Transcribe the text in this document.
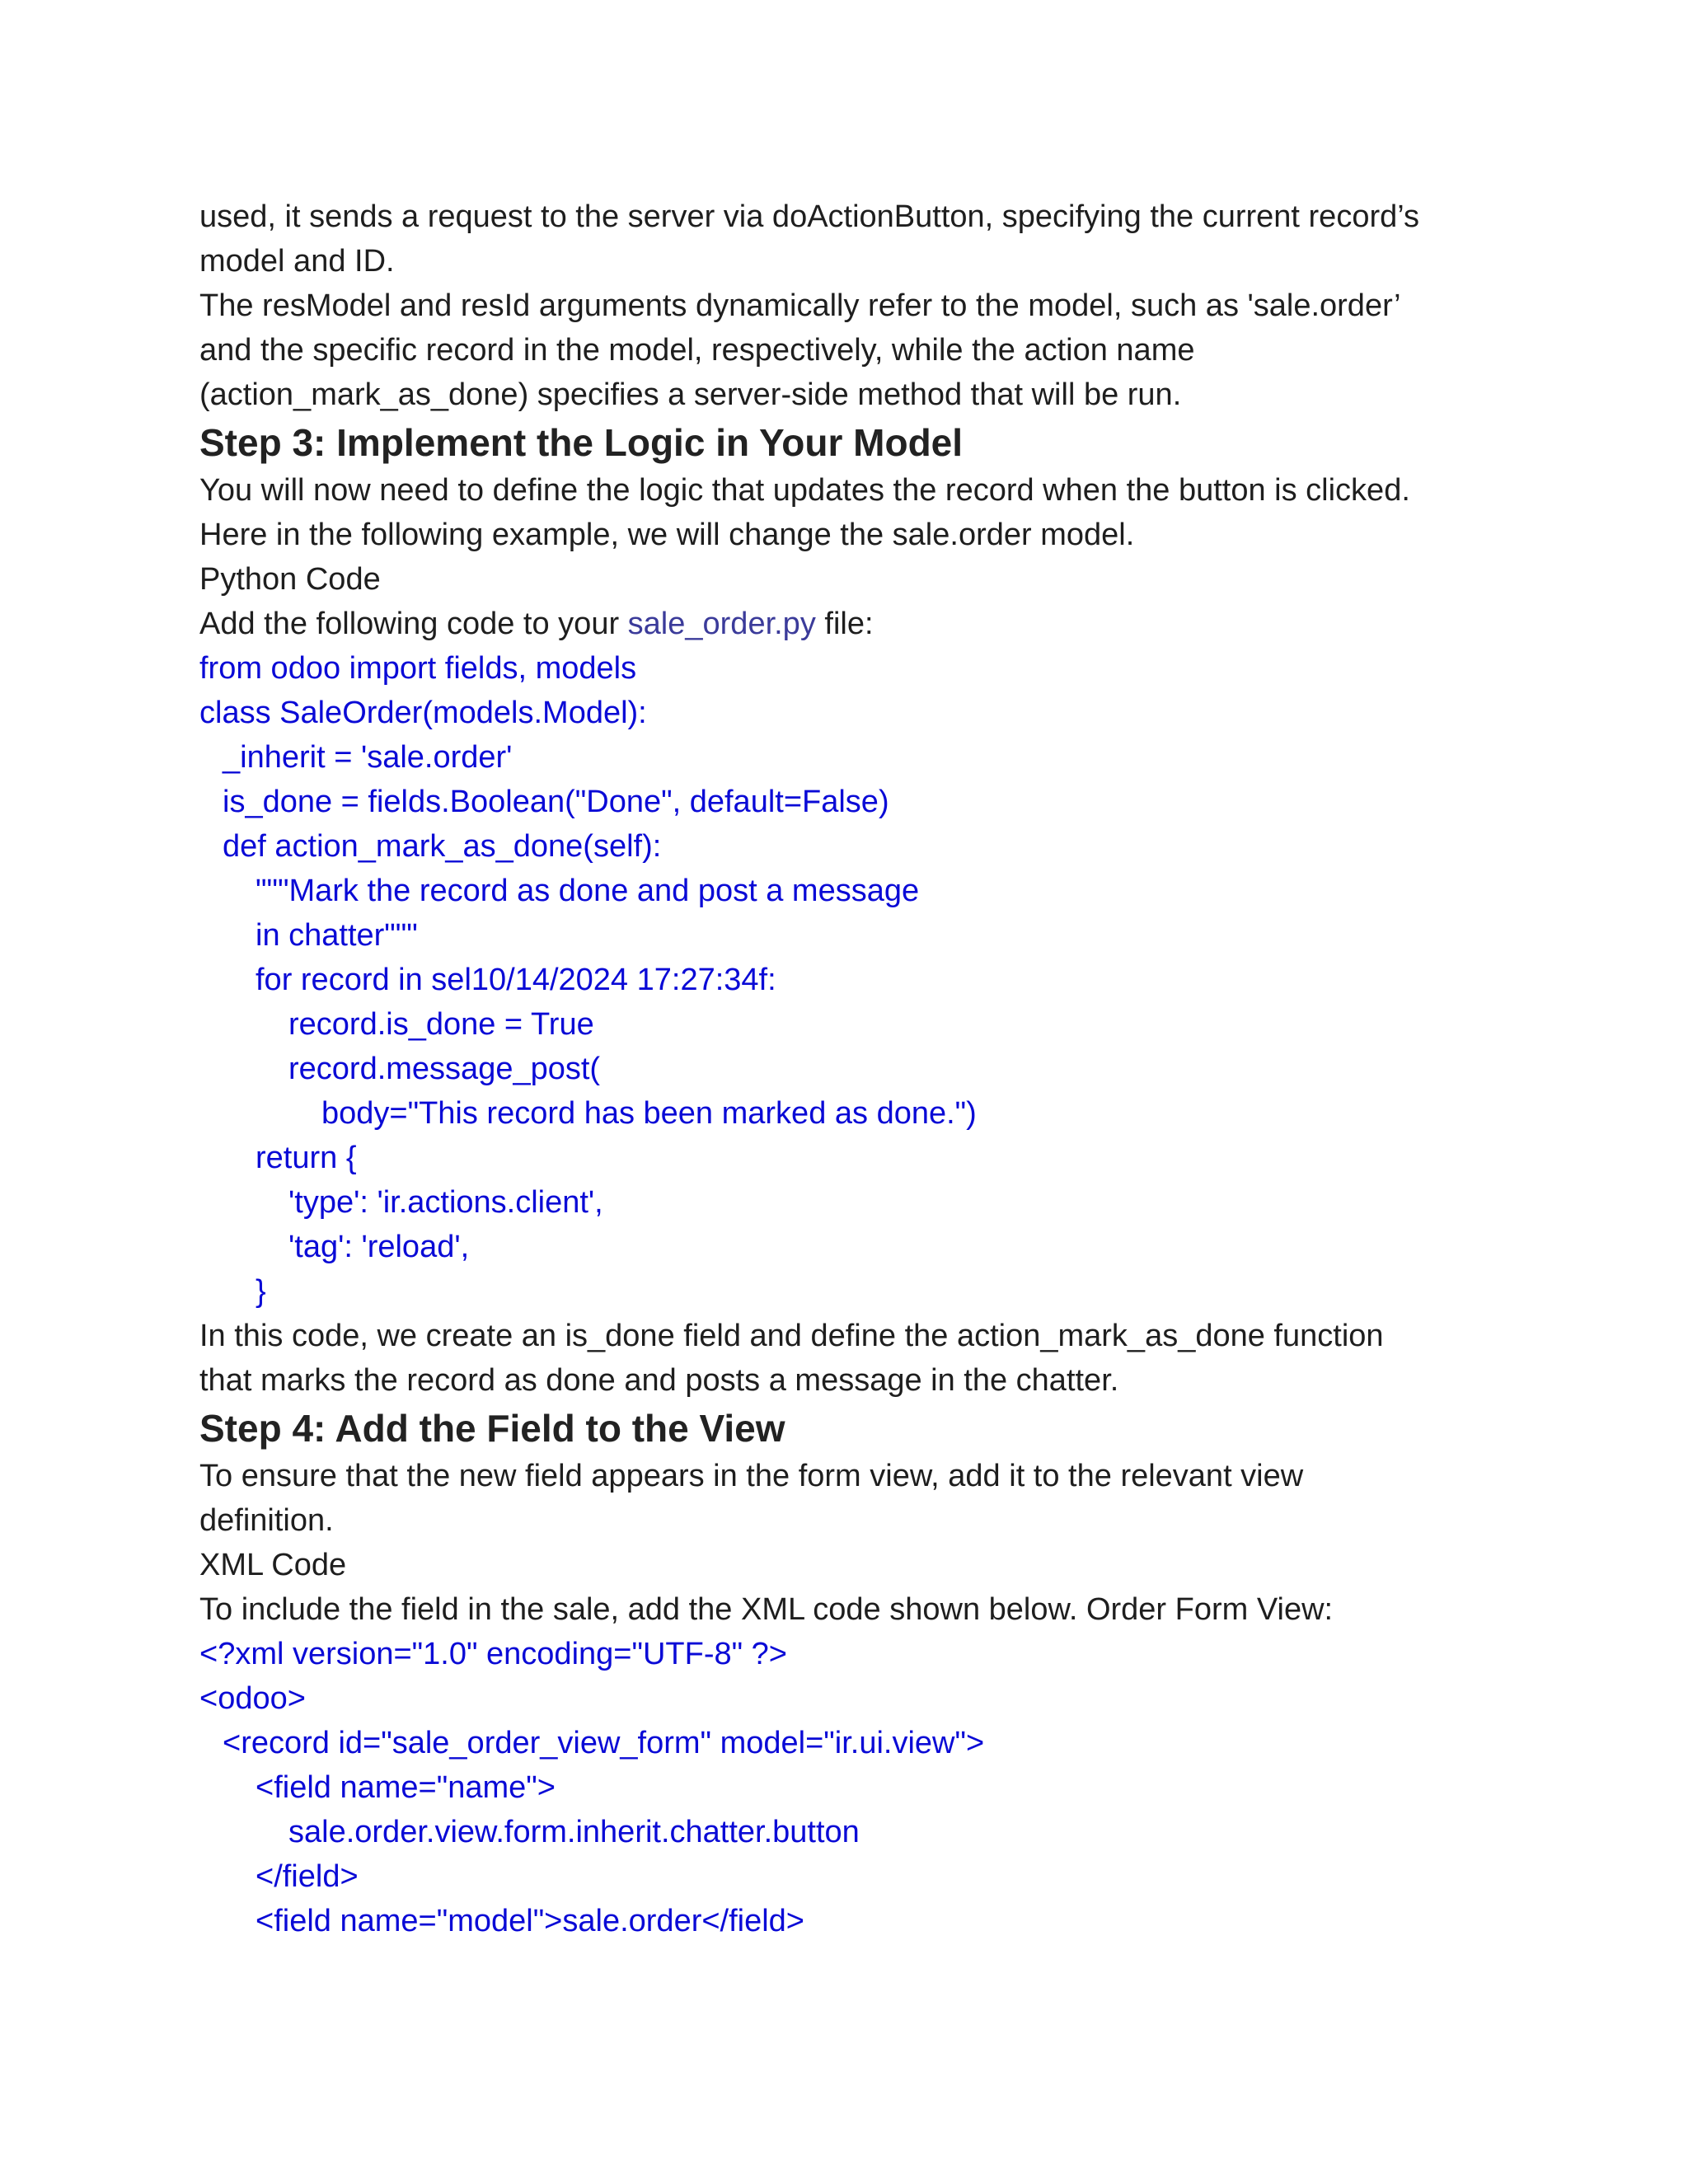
used, it sends a request to the server via doActionButton, specifying the current record’s

model and ID.

The resModel and resId arguments dynamically refer to the model, such as 'sale.order’

and the specific record in the model, respectively, while the action name

(action_mark_as_done) specifies a server-side method that will be run.

Step 3: Implement the Logic in Your Model

You will now need to define the logic that updates the record when the button is clicked.

Here in the following example, we will change the sale.order model.

Python Code

Add the following code to your sale_order.py file:

from odoo import fields, models

class SaleOrder(models.Model):

_inherit = 'sale.order'

is_done = fields.Boolean("Done", default=False)

def action_mark_as_done(self):

"""Mark the record as done and post a message

in chatter"""

for record in sel10/14/2024 17:27:34f:

record.is_done = True

record.message_post(

body="This record has been marked as done.")

return {

'type': 'ir.actions.client',

'tag': 'reload',

}

In this code, we create an is_done field and define the action_mark_as_done function

that marks the record as done and posts a message in the chatter.

Step 4: Add the Field to the View

To ensure that the new field appears in the form view, add it to the relevant view

definition.

XML Code

To include the field in the sale, add the XML code shown below. Order Form View:

<?xml version="1.0" encoding="UTF-8" ?>

<odoo>

<record id="sale_order_view_form" model="ir.ui.view">

<field name="name">

sale.order.view.form.inherit.chatter.button

</field>

<field name="model">sale.order</field>
